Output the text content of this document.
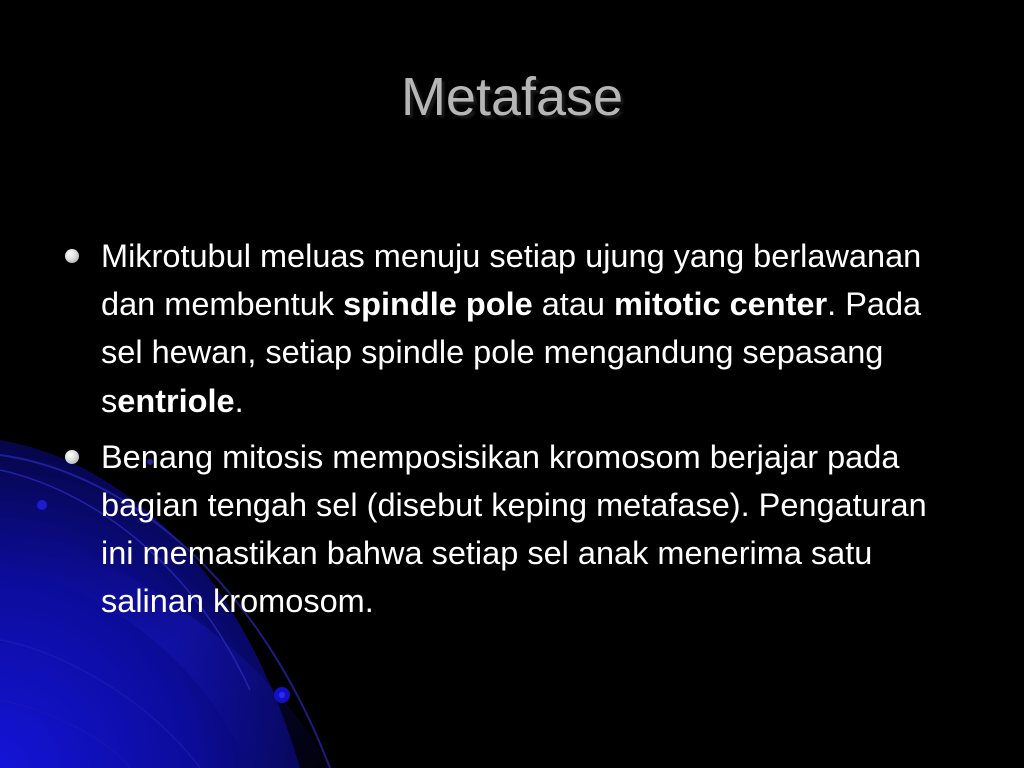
Metafase
Mikrotubul meluas menuju setiap ujung yang berlawanan dan membentuk spindle pole atau mitotic center. Pada sel hewan, setiap spindle pole mengandung sepasang sentriole.
Benang mitosis memposisikan kromosom berjajar pada bagian tengah sel (disebut keping metafase). Pengaturan ini memastikan bahwa setiap sel anak menerima satu salinan kromosom.
